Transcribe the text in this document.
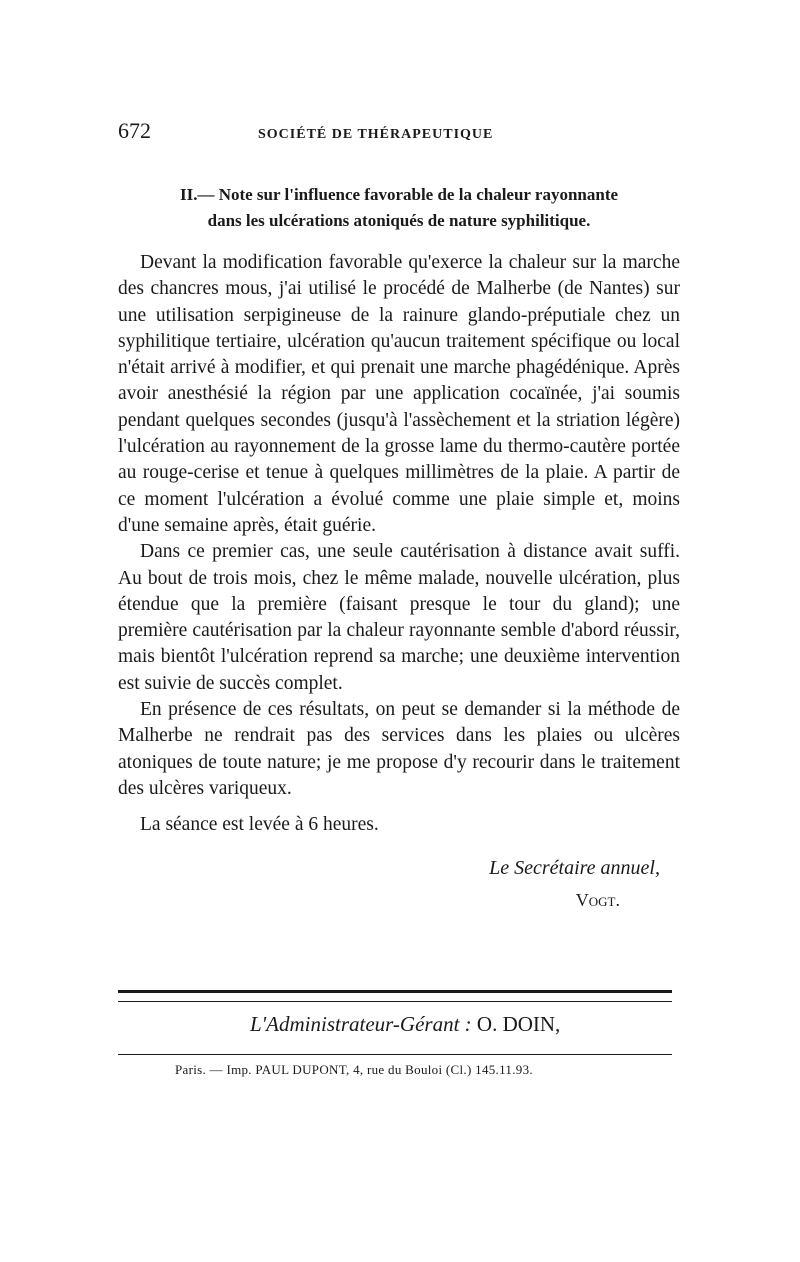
672	SOCIÉTÉ DE THÉRAPEUTIQUE
II.— Note sur l'influence favorable de la chaleur rayonnante
dans les ulcérations atoniqués de nature syphilitique.

Devant la modification favorable qu'exerce la chaleur sur la marche des chancres mous, j'ai utilisé le procédé de Malherbe (de Nantes) sur une utilisation serpigineuse de la rainure glando-préputiale chez un syphilitique tertiaire, ulcération qu'aucun traitement spécifique ou local n'était arrivé à modifier, et qui prenait une marche phagédénique. Après avoir anesthésié la région par une application cocaïnée, j'ai soumis pendant quelques secondes (jusqu'à l'assèchement et la striation légère) l'ulcération au rayonnement de la grosse lame du thermo-cautère portée au rouge-cerise et tenue à quelques millimètres de la plaie. A partir de ce moment l'ulcération a évolué comme une plaie simple et, moins d'une semaine après, était guérie.

Dans ce premier cas, une seule cautérisation à distance avait suffi. Au bout de trois mois, chez le même malade, nouvelle ulcération, plus étendue que la première (faisant presque le tour du gland); une première cautérisation par la chaleur rayonnante semble d'abord réussir, mais bientôt l'ulcération reprend sa marche; une deuxième intervention est suivie de succès complet.

En présence de ces résultats, on peut se demander si la méthode de Malherbe ne rendrait pas des services dans les plaies ou ulcères atoniques de toute nature; je me propose d'y recourir dans le traitement des ulcères variqueux.

La séance est levée à 6 heures.
Le Secrétaire annuel,
Vogt.
L'Administrateur-Gérant : O. DOIN,
Paris. — Imp. PAUL DUPONT, 4, rue du Bouloi (Cl.) 145.11.93.
